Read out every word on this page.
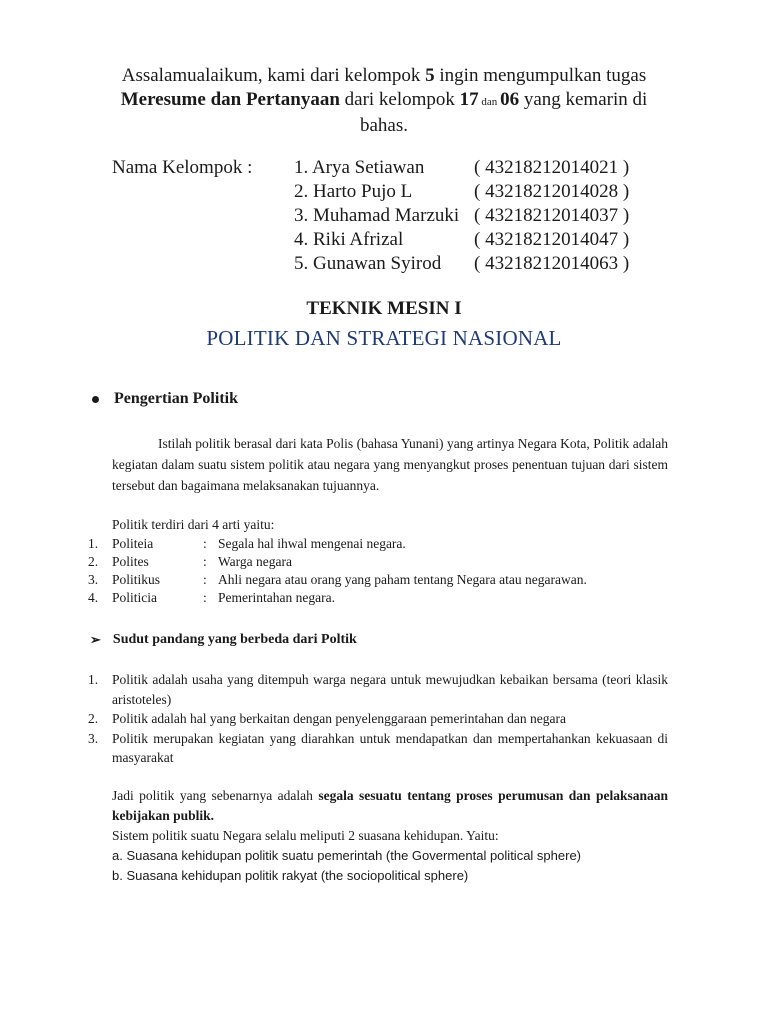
Assalamualaikum, kami dari kelompok 5 ingin mengumpulkan tugas Meresume dan Pertanyaan dari kelompok 17 dan 06 yang kemarin di bahas.
Nama Kelompok : 1. Arya Setiawan	( 43218212014021 )
2. Harto Pujo L	( 43218212014028 )
3. Muhamad Marzuki ( 43218212014037 )
4. Riki Afrizal	( 43218212014047 )
5. Gunawan Syirod	( 43218212014063 )
TEKNIK MESIN I
POLITIK DAN STRATEGI NASIONAL
Pengertian Politik
Istilah politik berasal dari kata Polis (bahasa Yunani) yang artinya Negara Kota, Politik adalah kegiatan dalam suatu sistem politik atau negara yang menyangkut proses penentuan tujuan dari sistem tersebut dan bagaimana melaksanakan tujuannya.
Politik terdiri dari 4 arti yaitu:
1.	Politeia	: Segala hal ihwal mengenai negara.
2.	Polites	: Warga negara
3.	Politikus	: Ahli negara atau orang yang paham tentang Negara atau negarawan.
4.	Politicia	: Pemerintahan negara.
➢ Sudut pandang yang berbeda dari Poltik
1.	Politik adalah usaha yang ditempuh warga negara untuk mewujudkan kebaikan bersama (teori klasik aristoteles)
2.	Politik adalah hal yang berkaitan dengan penyelenggaraan pemerintahan dan negara
3.	Politik merupakan kegiatan yang diarahkan untuk mendapatkan dan mempertahankan kekuasaan di masyarakat
Jadi politik yang sebenarnya adalah segala sesuatu tentang proses perumusan dan pelaksanaan kebijakan publik.
Sistem politik suatu Negara selalu meliputi 2 suasana kehidupan. Yaitu:
a. Suasana kehidupan politik suatu pemerintah (the Govermental political sphere)
b. Suasana kehidupan politik rakyat (the sociopolitical sphere)
